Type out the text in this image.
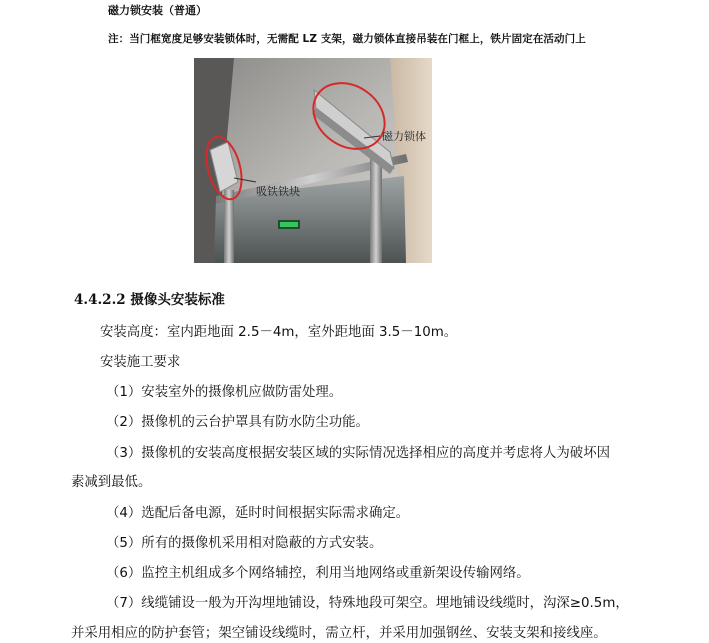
磁力锁安装（普通）
注：当门框宽度足够安装锁体时，无需配 LZ 支架，磁力锁体直接吊装在门框上，铁片固定在活动门上
磁力锁体
吸铁铁块
4.4.2.2 摄像头安装标准
安装高度：室内距地面 2.5－4m，室外距地面 3.5－10m。
安装施工要求
（1）安装室外的摄像机应做防雷处理。
（2）摄像机的云台护罩具有防水防尘功能。
（3）摄像机的安装高度根据安装区域的实际情况选择相应的高度并考虑将人为破坏因
素减到最低。
（4）选配后备电源，延时时间根据实际需求确定。
（5）所有的摄像机采用相对隐蔽的方式安装。
（6）监控主机组成多个网络辅控，利用当地网络或重新架设传输网络。
（7）线缆铺设一般为开沟埋地铺设，特殊地段可架空。埋地铺设线缆时，沟深≥0.5m，
并采用相应的防护套管；架空铺设线缆时，需立杆，并采用加强钢丝、安装支架和接线座。
